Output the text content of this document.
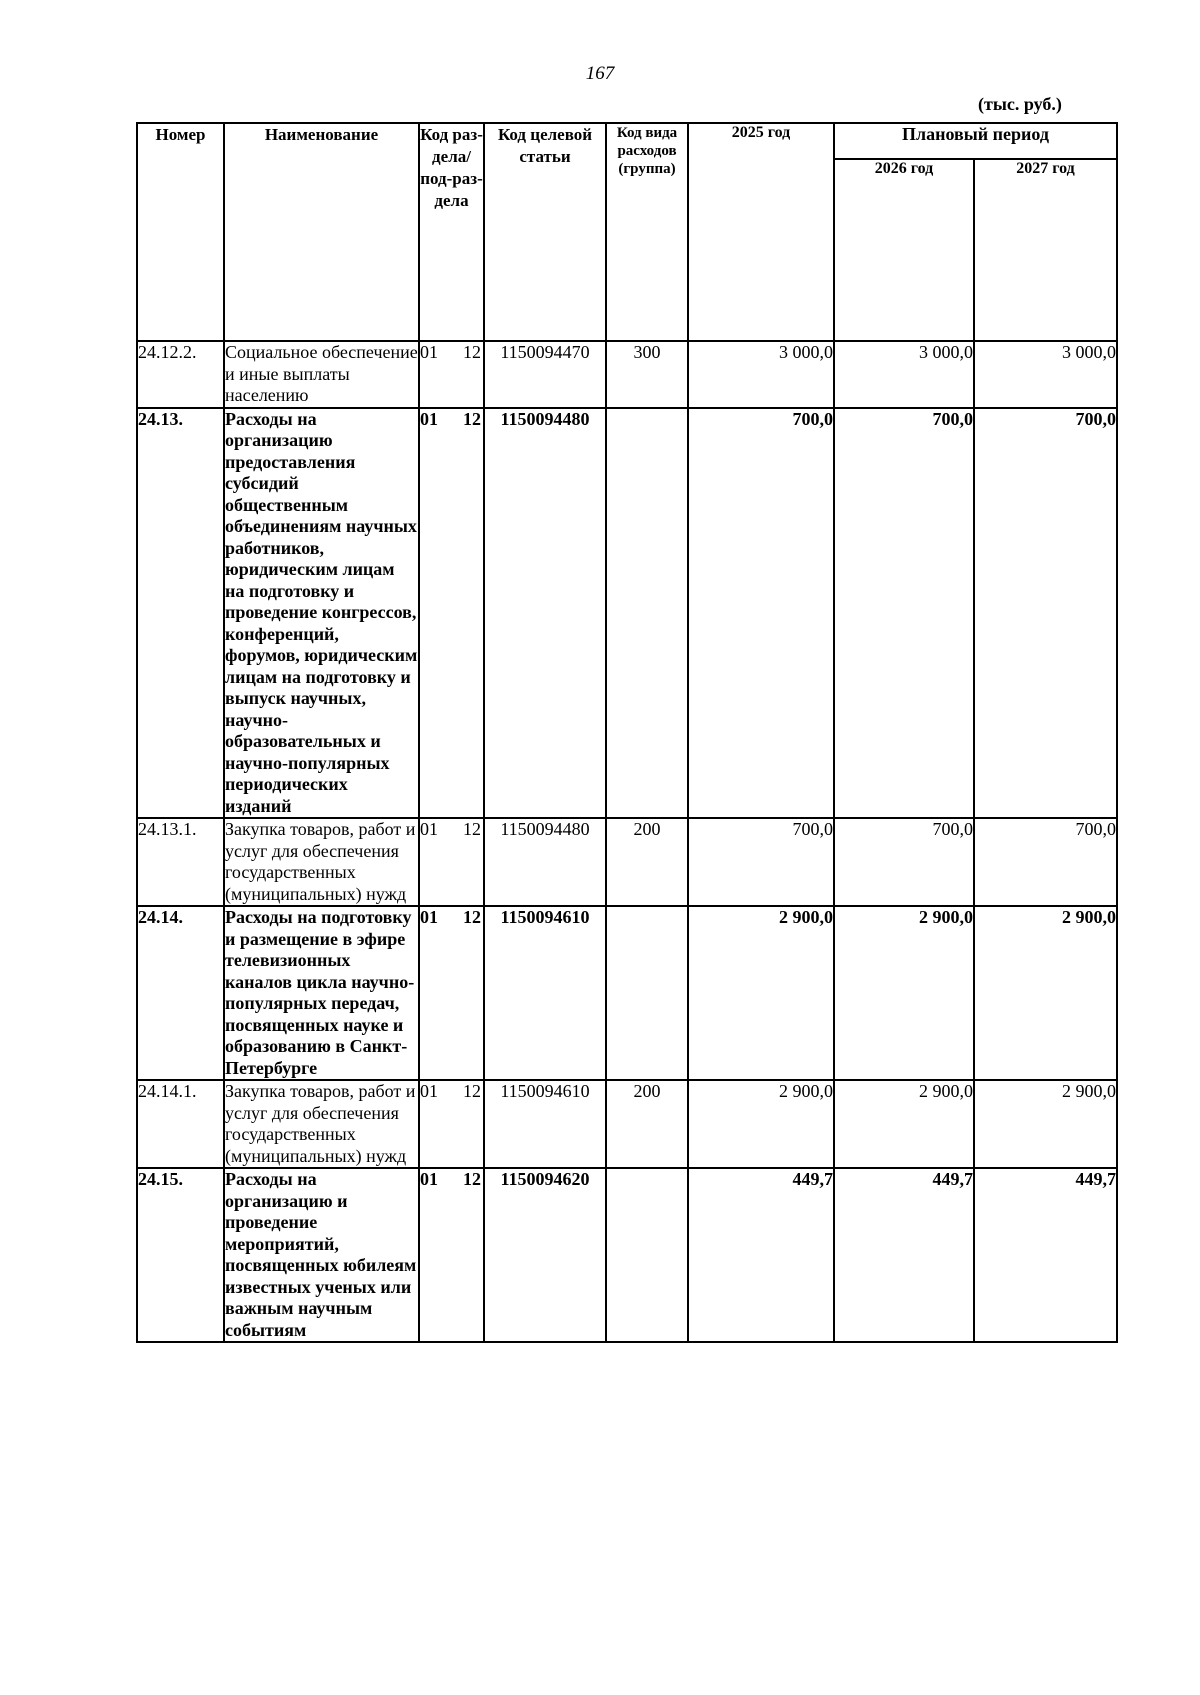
167
(тыс. руб.)
Номер	Наименование	Код раз-дела/ под-раз-дела	Код целевой статьи	Код вида расходов (группа)	2025 год	Плановый период	
						2026 год	2027 год
24.12.2.	Социальное обеспечение и иные выплаты населению	01 12	1150094470	300	3 000,0	3 000,0	3 000,0
24.13.	Расходы на организацию предоставления субсидий общественным объединениям научных работников, юридическим лицам на подготовку и проведение конгрессов, конференций, форумов, юридическим лицам на подготовку и выпуск научных, научно-образовательных и научно-популярных периодических изданий	01 12	1150094480		700,0	700,0	700,0
24.13.1.	Закупка товаров, работ и услуг для обеспечения государственных (муниципальных) нужд	01 12	1150094480	200	700,0	700,0	700,0
24.14.	Расходы на подготовку и размещение в эфире телевизионных каналов цикла научно-популярных передач, посвященных науке и образованию в Санкт-Петербурге	01 12	1150094610		2 900,0	2 900,0	2 900,0
24.14.1.	Закупка товаров, работ и услуг для обеспечения государственных (муниципальных) нужд	01 12	1150094610	200	2 900,0	2 900,0	2 900,0
24.15.	Расходы на организацию и проведение мероприятий, посвященных юбилеям известных ученых или важным научным событиям	01 12	1150094620		449,7	449,7	449,7
